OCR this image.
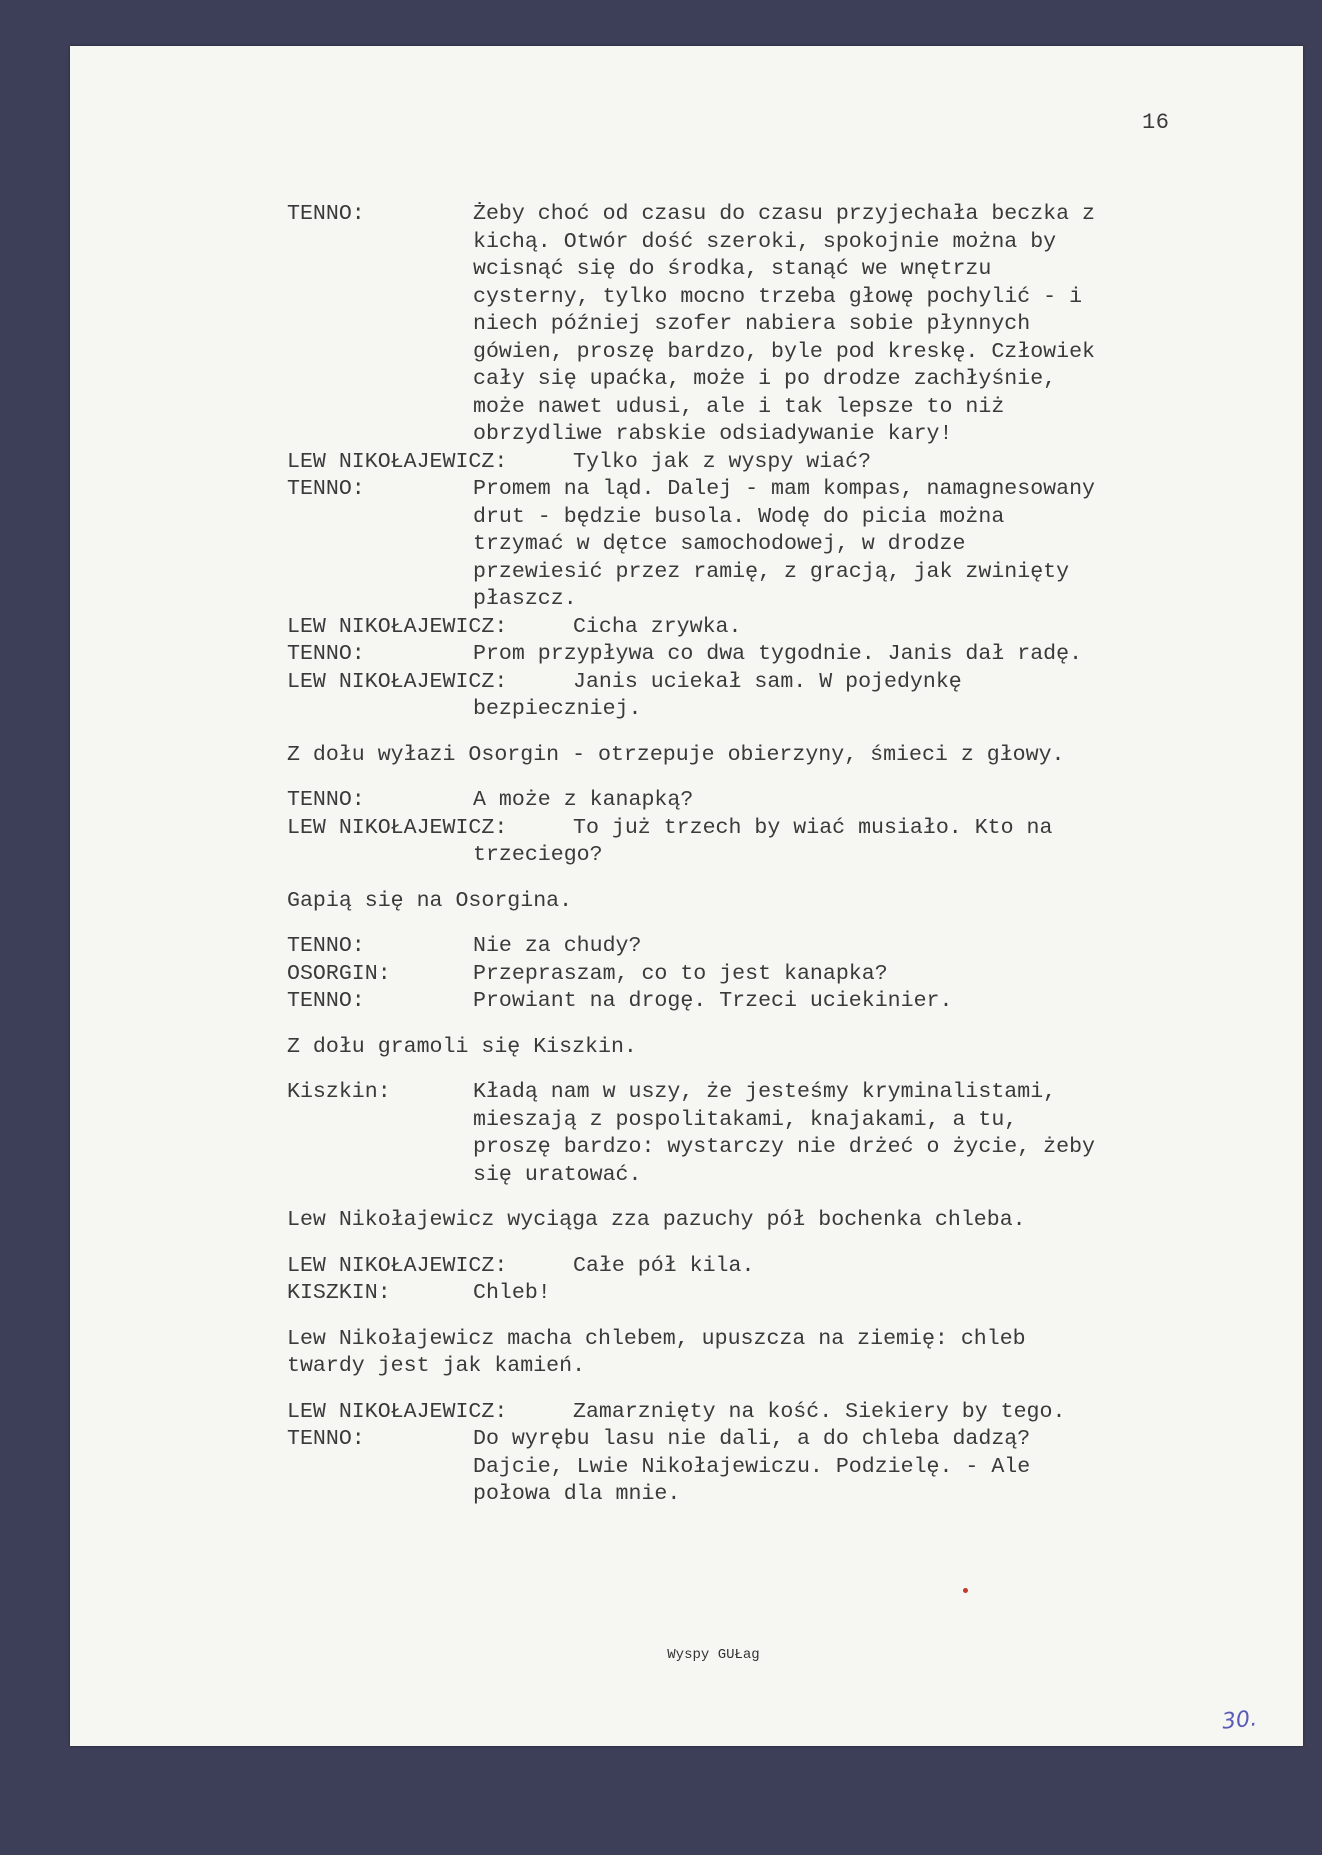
16
TENNO:	Żeby choć od czasu do czasu przyjechała beczka z
kichą. Otwór dość szeroki, spokojnie można by
wcisnąć się do środka, stanąć we wnętrzu
cysterny, tylko mocno trzeba głowę pochylić - i
niech później szofer nabiera sobie płynnych
gówien, proszę bardzo, byle pod kreskę. Człowiek
cały się upaćka, może i po drodze zachłyśnie,
może nawet udusi, ale i tak lepsze to niż
obrzydliwe rabskie odsiadywanie kary!
LEW NIKOŁAJEWICZ:	Tylko jak z wyspy wiać?
TENNO:	Promem na ląd. Dalej - mam kompas, namagnesowany
drut - będzie busola. Wodę do picia można
trzymać w dętce samochodowej, w drodze
przewiesić przez ramię, z gracją, jak zwinięty
płaszcz.
LEW NIKOŁAJEWICZ:	Cicha zrywka.
TENNO:	Prom przypływa co dwa tygodnie. Janis dał radę.
LEW NIKOŁAJEWICZ:	Janis uciekał sam. W pojedynkę
bezpieczniej.
Z dołu wyłazi Osorgin - otrzepuje obierzyny, śmieci z głowy.
TENNO:	A może z kanapką?
LEW NIKOŁAJEWICZ:	To już trzech by wiać musiało. Kto na
trzeciego?
Gapią się na Osorgina.
TENNO:	Nie za chudy?
OSORGIN:	Przepraszam, co to jest kanapka?
TENNO:	Prowiant na drogę. Trzeci uciekinier.
Z dołu gramoli się Kiszkin.
Kiszkin:	Kładą nam w uszy, że jesteśmy kryminalistami,
mieszają z pospolitakami, knajakami, a tu,
proszę bardzo: wystarczy nie drżeć o życie, żeby
się uratować.
Lew Nikołajewicz wyciąga zza pazuchy pół bochenka chleba.
LEW NIKOŁAJEWICZ:	Całe pół kila.
KISZKIN:	Chleb!
Lew Nikołajewicz macha chlebem, upuszcza na ziemię: chleb
twardy jest jak kamień.
LEW NIKOŁAJEWICZ:	Zamarznięty na kość. Siekiery by tego.
TENNO:	Do wyrębu lasu nie dali, a do chleba dadzą?
Dajcie, Lwie Nikołajewiczu. Podzielę. - Ale
połowa dla mnie.
Wyspy GUŁag
30.
